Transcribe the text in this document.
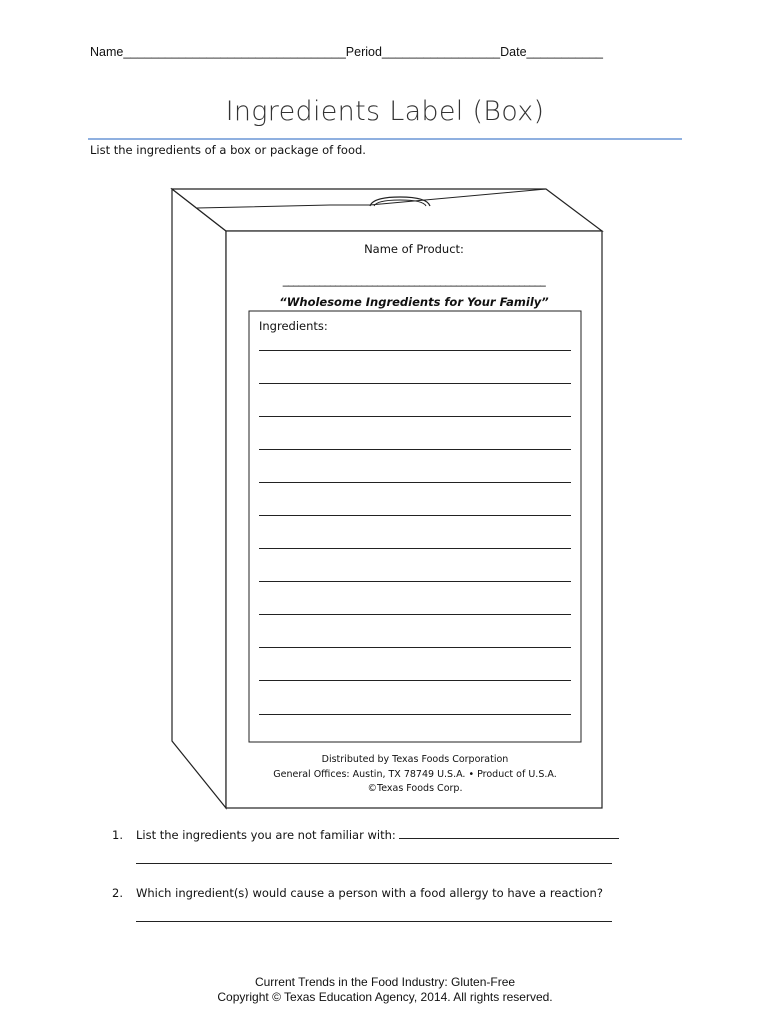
Name________________________________Period_________________Date___________
Ingredients Label (Box)
List the ingredients of a box or package of food.
Name of Product:
__________________________________________________
“Wholesome Ingredients for Your Family”
Ingredients:
Distributed by Texas Foods Corporation
General Offices: Austin, TX 78749 U.S.A. • Product of U.S.A.
©Texas Foods Corp.
1. List the ingredients you are not familiar with:
2. Which ingredient(s) would cause a person with a food allergy to have a reaction?
Current Trends in the Food Industry: Gluten-Free
Copyright © Texas Education Agency, 2014. All rights reserved.
